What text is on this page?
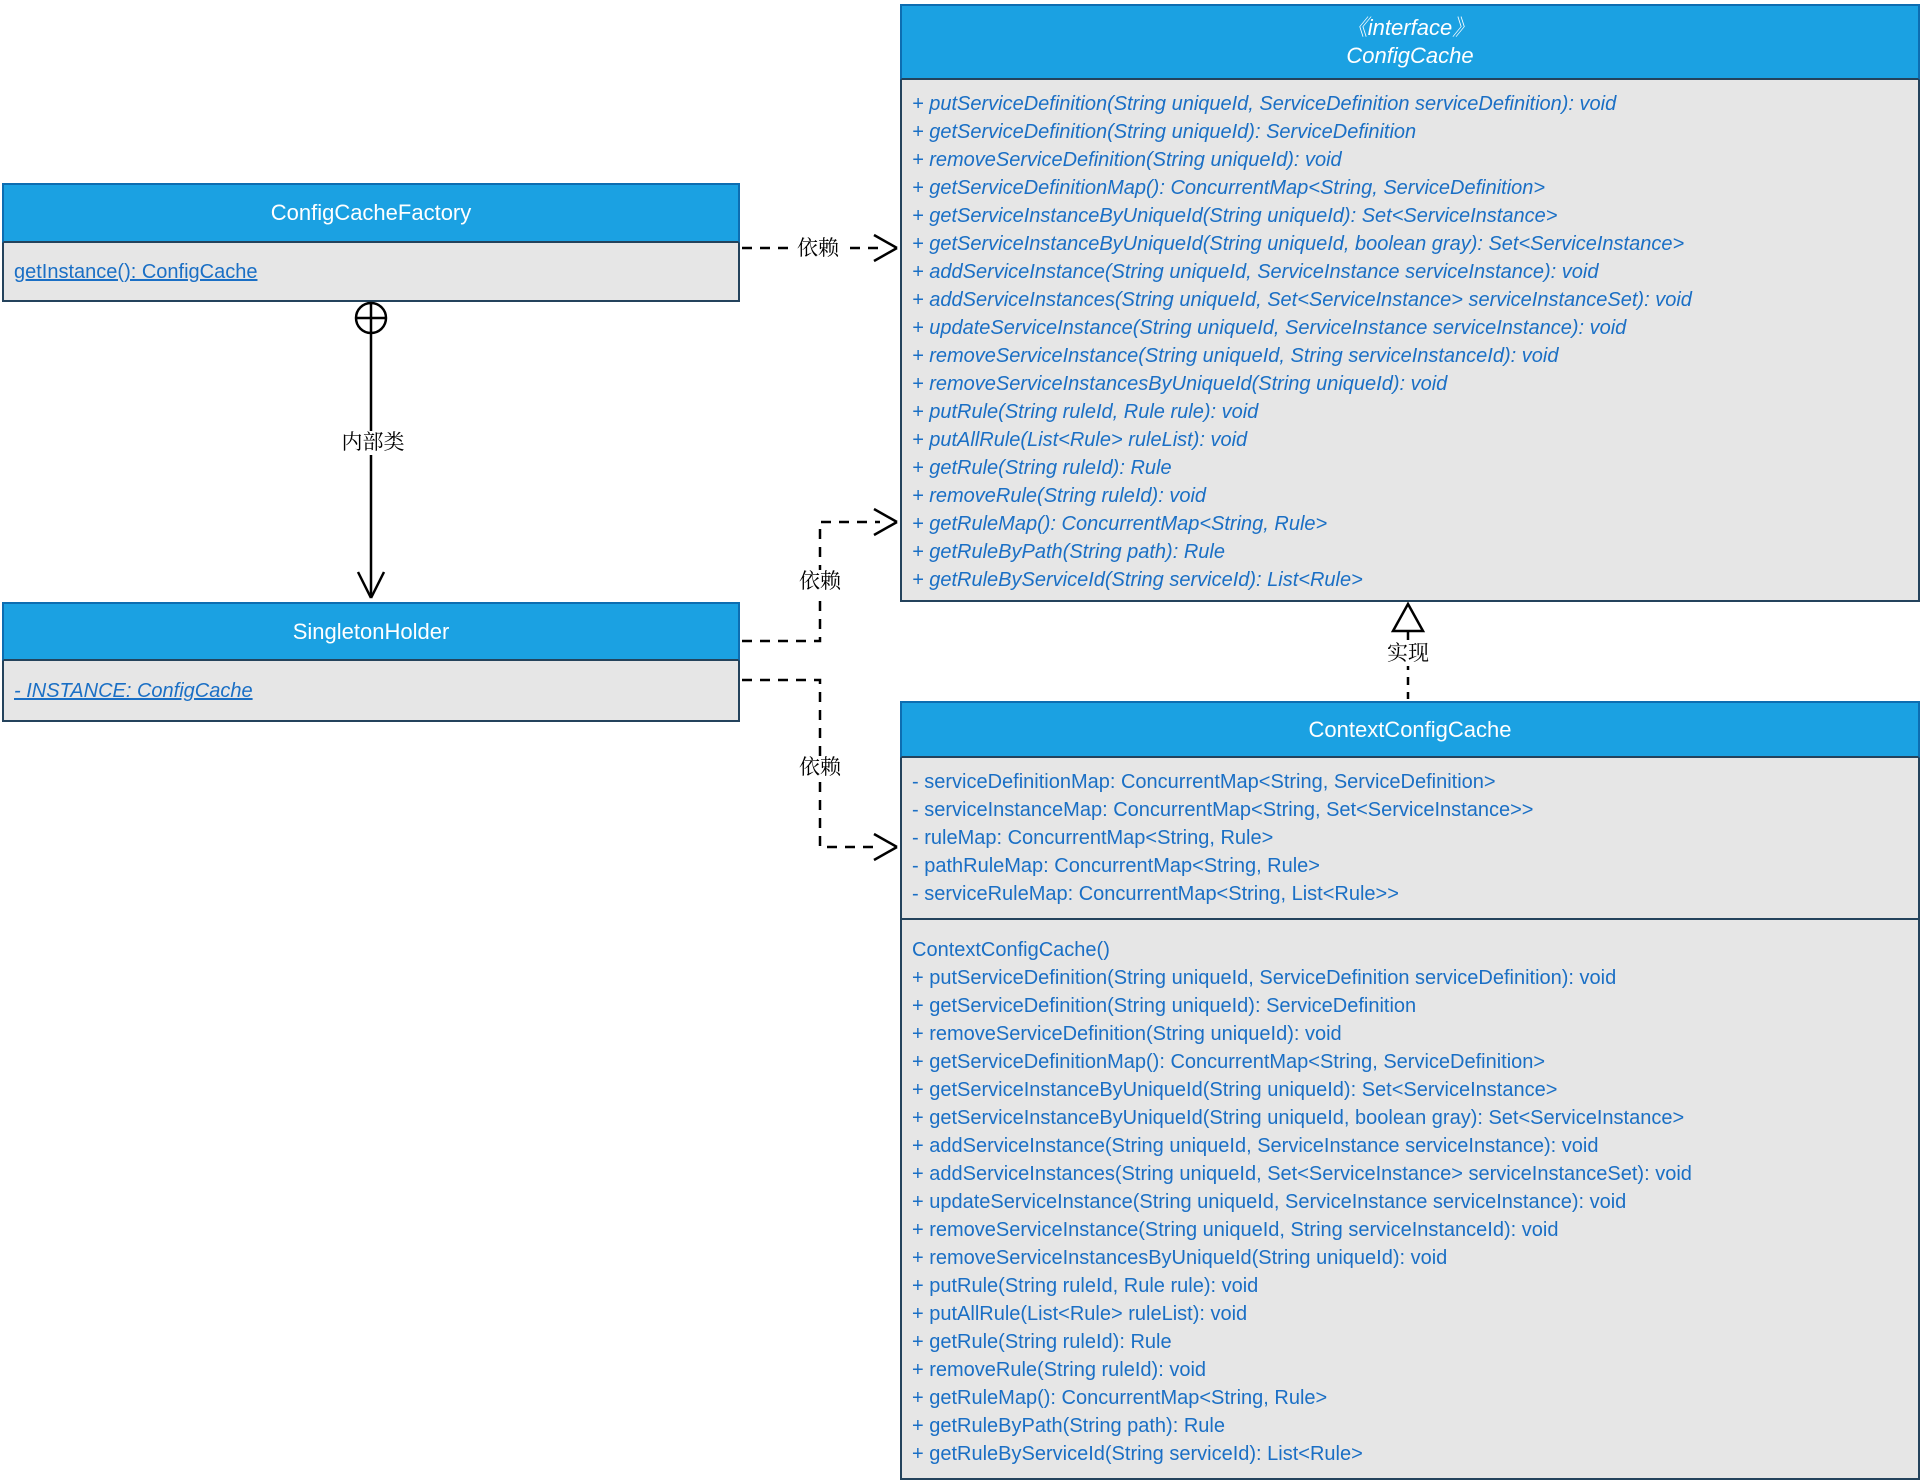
ConfigCacheFactory
getInstance(): ConfigCache
SingletonHolder
- INSTANCE: ConfigCache
《interface》
ConfigCache
+ putServiceDefinition(String uniqueId, ServiceDefinition serviceDefinition): void
+ getServiceDefinition(String uniqueId): ServiceDefinition
+ removeServiceDefinition(String uniqueId): void
+ getServiceDefinitionMap(): ConcurrentMap<String, ServiceDefinition>
+ getServiceInstanceByUniqueId(String uniqueId): Set<ServiceInstance>
+ getServiceInstanceByUniqueId(String uniqueId, boolean gray): Set<ServiceInstance>
+ addServiceInstance(String uniqueId, ServiceInstance serviceInstance): void
+ addServiceInstances(String uniqueId, Set<ServiceInstance> serviceInstanceSet): void
+ updateServiceInstance(String uniqueId, ServiceInstance serviceInstance): void
+ removeServiceInstance(String uniqueId, String serviceInstanceId): void
+ removeServiceInstancesByUniqueId(String uniqueId): void
+ putRule(String ruleId, Rule rule): void
+ putAllRule(List<Rule> ruleList): void
+ getRule(String ruleId): Rule
+ removeRule(String ruleId): void
+ getRuleMap(): ConcurrentMap<String, Rule>
+ getRuleByPath(String path): Rule
+ getRuleByServiceId(String serviceId): List<Rule>
ContextConfigCache
- serviceDefinitionMap: ConcurrentMap<String, ServiceDefinition>
- serviceInstanceMap: ConcurrentMap<String, Set<ServiceInstance>>
- ruleMap: ConcurrentMap<String, Rule>
- pathRuleMap: ConcurrentMap<String, Rule>
- serviceRuleMap: ConcurrentMap<String, List<Rule>>
ContextConfigCache()
+ putServiceDefinition(String uniqueId, ServiceDefinition serviceDefinition): void
+ getServiceDefinition(String uniqueId): ServiceDefinition
+ removeServiceDefinition(String uniqueId): void
+ getServiceDefinitionMap(): ConcurrentMap<String, ServiceDefinition>
+ getServiceInstanceByUniqueId(String uniqueId): Set<ServiceInstance>
+ getServiceInstanceByUniqueId(String uniqueId, boolean gray): Set<ServiceInstance>
+ addServiceInstance(String uniqueId, ServiceInstance serviceInstance): void
+ addServiceInstances(String uniqueId, Set<ServiceInstance> serviceInstanceSet): void
+ updateServiceInstance(String uniqueId, ServiceInstance serviceInstance): void
+ removeServiceInstance(String uniqueId, String serviceInstanceId): void
+ removeServiceInstancesByUniqueId(String uniqueId): void
+ putRule(String ruleId, Rule rule): void
+ putAllRule(List<Rule> ruleList): void
+ getRule(String ruleId): Rule
+ removeRule(String ruleId): void
+ getRuleMap(): ConcurrentMap<String, Rule>
+ getRuleByPath(String path): Rule
+ getRuleByServiceId(String serviceId): List<Rule>
依赖
内部类
依赖
依赖
实现
